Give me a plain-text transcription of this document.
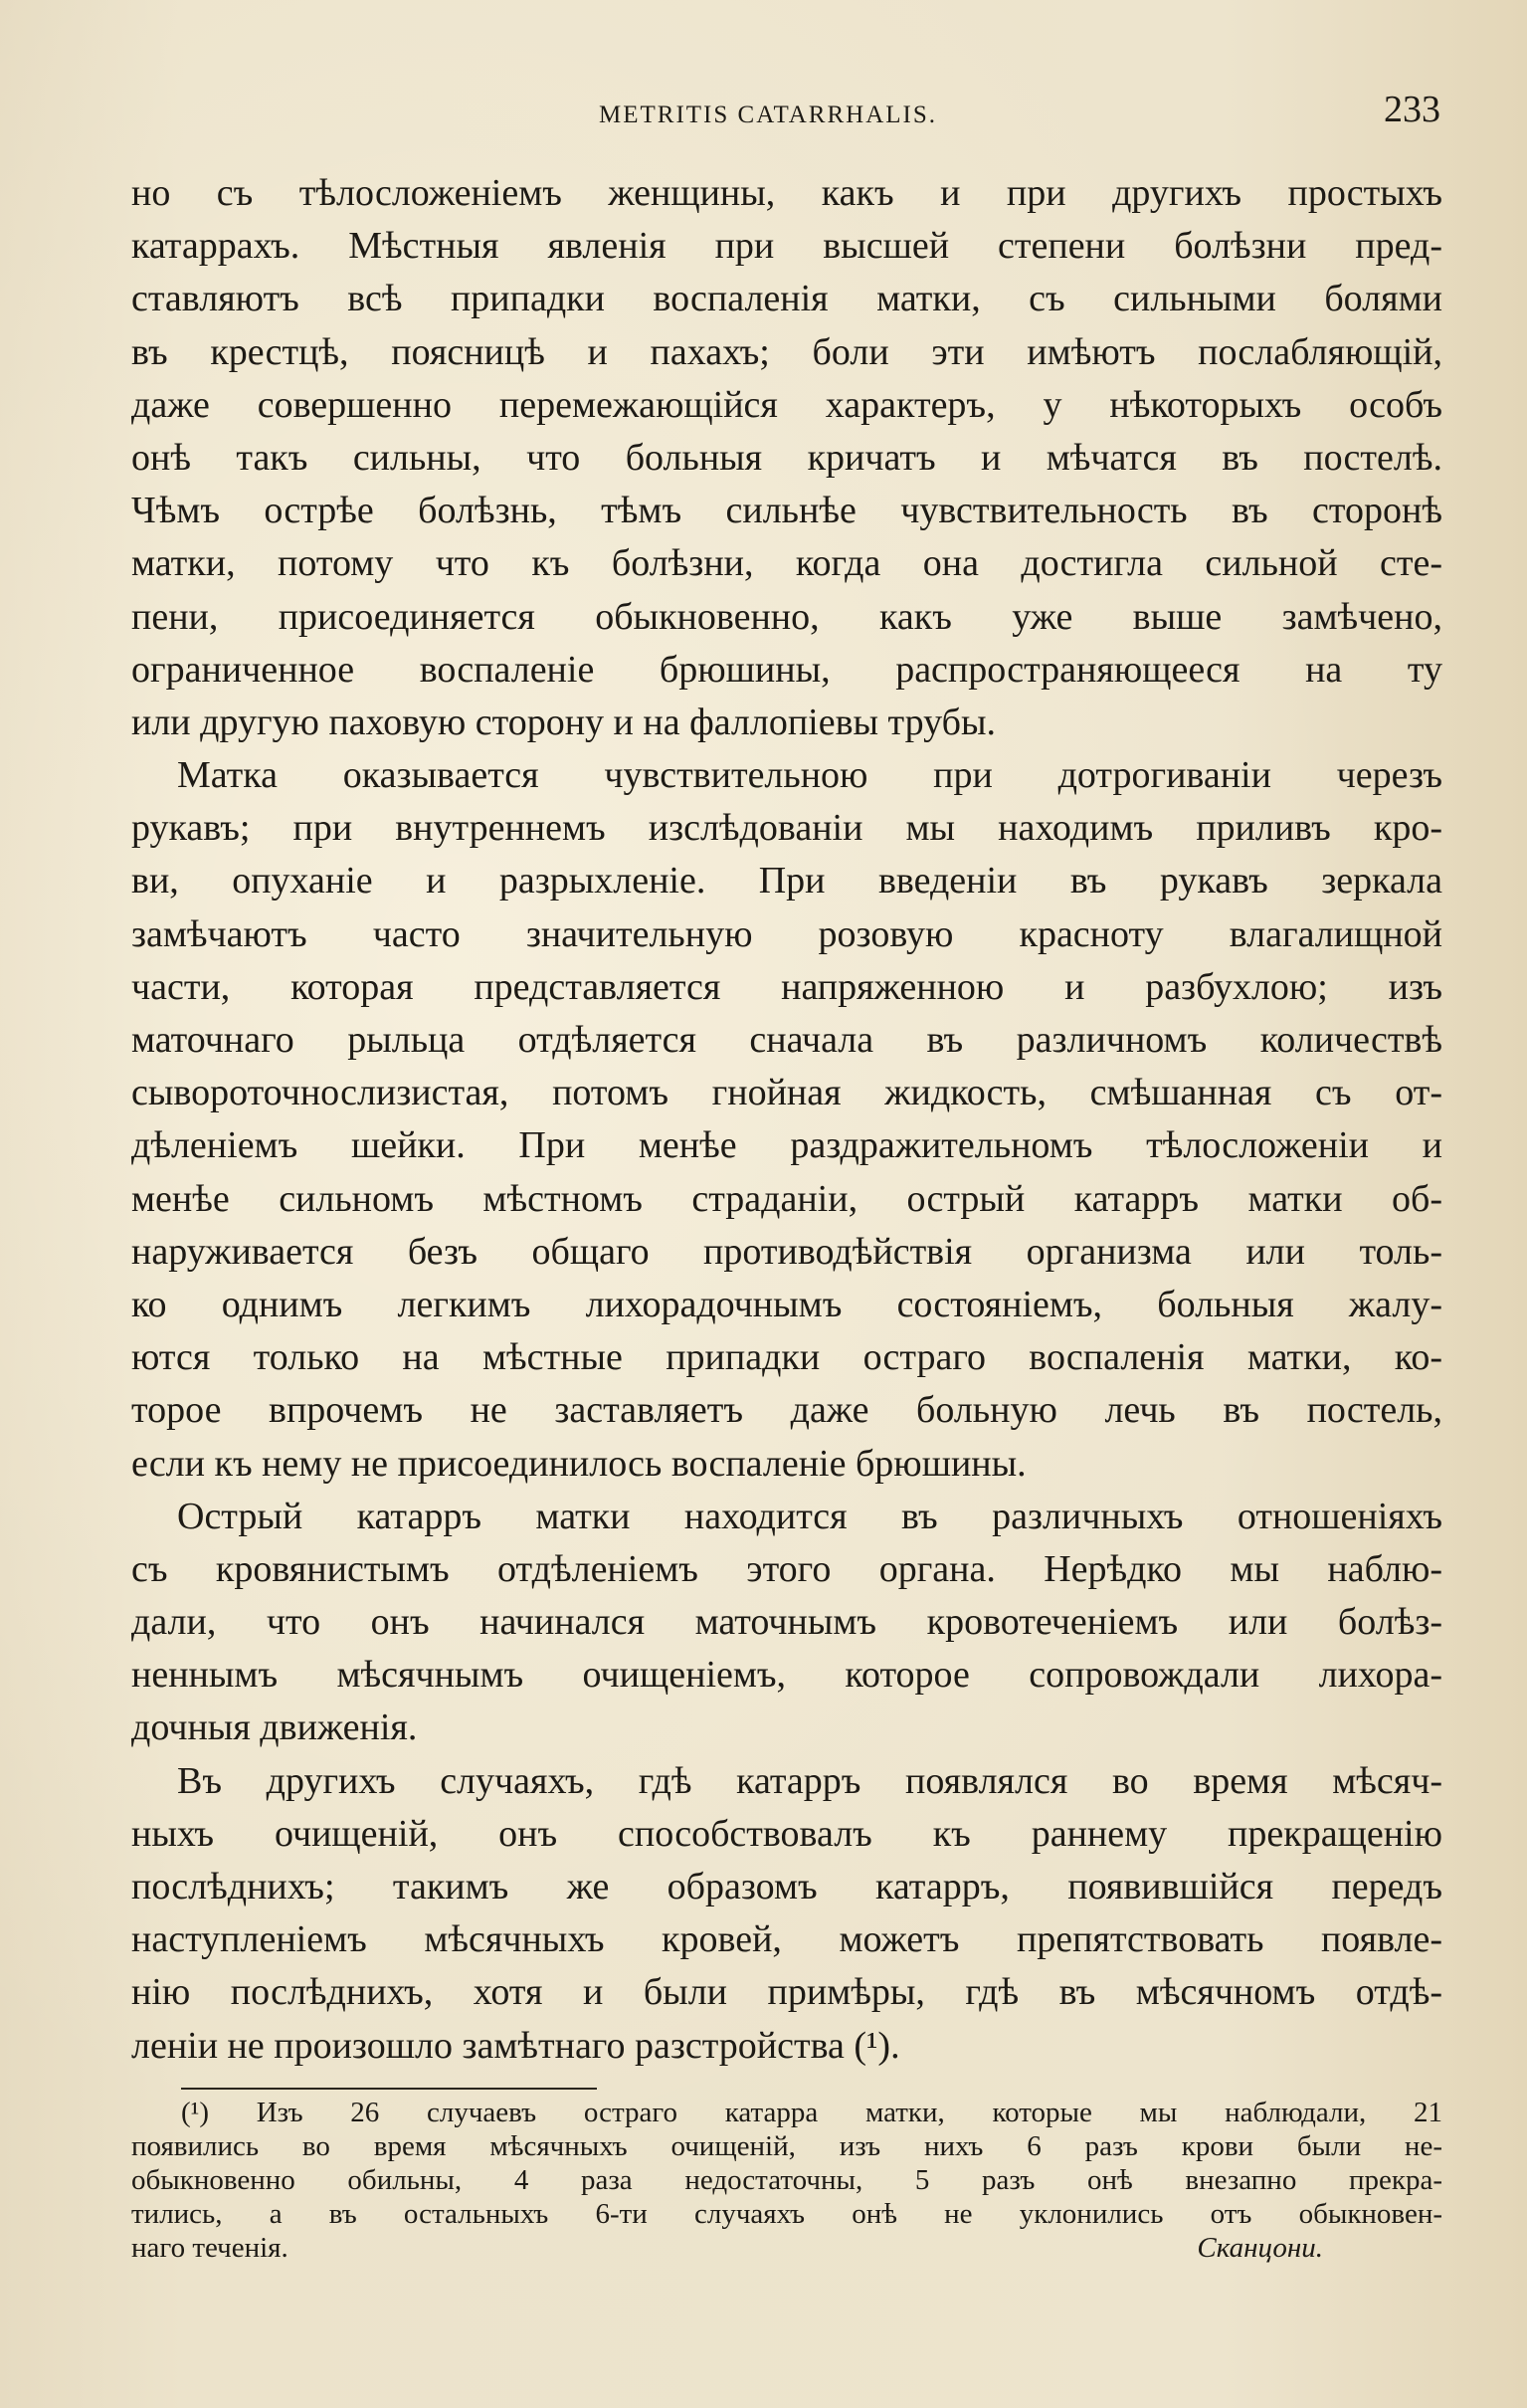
METRITIS CATARRHALIS.	233
но съ тѣлосложенiемъ женщины, какъ и при другихъ простыхъ
катаррахъ. Мѣстныя явленiя при высшей степени болѣзни пред-
ставляютъ всѣ припадки воспаленiя матки, съ сильными болями
въ крестцѣ, поясницѣ и пахахъ; боли эти имѣютъ послабляющiй,
даже совершенно перемежающiйся характеръ, у нѣкоторыхъ особъ
онѣ такъ сильны, что больныя кричатъ и мѣчатся въ постелѣ.
Чѣмъ острѣе болѣзнь, тѣмъ сильнѣе чувствительность въ сторонѣ
матки, потому что къ болѣзни, когда она достигла сильной сте-
пени, присоединяется обыкновенно, какъ уже выше замѣчено,
ограниченное воспаленiе брюшины, распространяющееся на ту
или другую паховую сторону и на фаллопiевы трубы.
Матка оказывается чувствительною при дотрогиванiи черезъ
рукавъ; при внутреннемъ изслѣдованiи мы находимъ приливъ кро-
ви, опуханiе и разрыхленiе. При введенiи въ рукавъ зеркала
замѣчаютъ часто значительную розовую красноту влагалищной
части, которая представляется напряженною и разбухлою; изъ
маточнаго рыльца отдѣляется сначала въ различномъ количествѣ
сывороточнослизистая, потомъ гнойная жидкость, смѣшанная съ от-
дѣленiемъ шейки. При менѣе раздражительномъ тѣлосложенiи и
менѣе сильномъ мѣстномъ страданiи, острый катарръ матки об-
наруживается безъ общаго противодѣйствiя организма или толь-
ко однимъ легкимъ лихорадочнымъ состоянiемъ, больныя жалу-
ются только на мѣстные припадки остраго воспаленiя матки, ко-
торое впрочемъ не заставляетъ даже больную лечь въ постель,
если къ нему не присоединилось воспаленiе брюшины.
Острый катарръ матки находится въ различныхъ отношенiяхъ
съ кровянистымъ отдѣленiемъ этого органа. Нерѣдко мы наблю-
дали, что онъ начинался маточнымъ кровотеченiемъ или болѣз-
неннымъ мѣсячнымъ очищенiемъ, которое сопровождали лихора-
дочныя движенiя.
Въ другихъ случаяхъ, гдѣ катарръ появлялся во время мѣсяч-
ныхъ очищенiй, онъ способствовалъ къ раннему прекращенiю
послѣднихъ; такимъ же образомъ катарръ, появившiйся передъ
наступленiемъ мѣсячныхъ кровей, можетъ препятствовать появле-
нiю послѣднихъ, хотя и были примѣры, гдѣ въ мѣсячномъ отдѣ-
ленiи не произошло замѣтнаго разстройства (¹).
(¹) Изъ 26 случаевъ остраго катарра матки, которые мы наблюдали, 21
появились во время мѣсячныхъ очищенiй, изъ нихъ 6 разъ крови были не-
обыкновенно обильны, 4 раза недостаточны, 5 разъ онѣ внезапно прекра-
тились, а въ остальныхъ 6-ти случаяхъ онѣ не уклонились отъ обыкновен-
наго теченiя.	Сканцони.
